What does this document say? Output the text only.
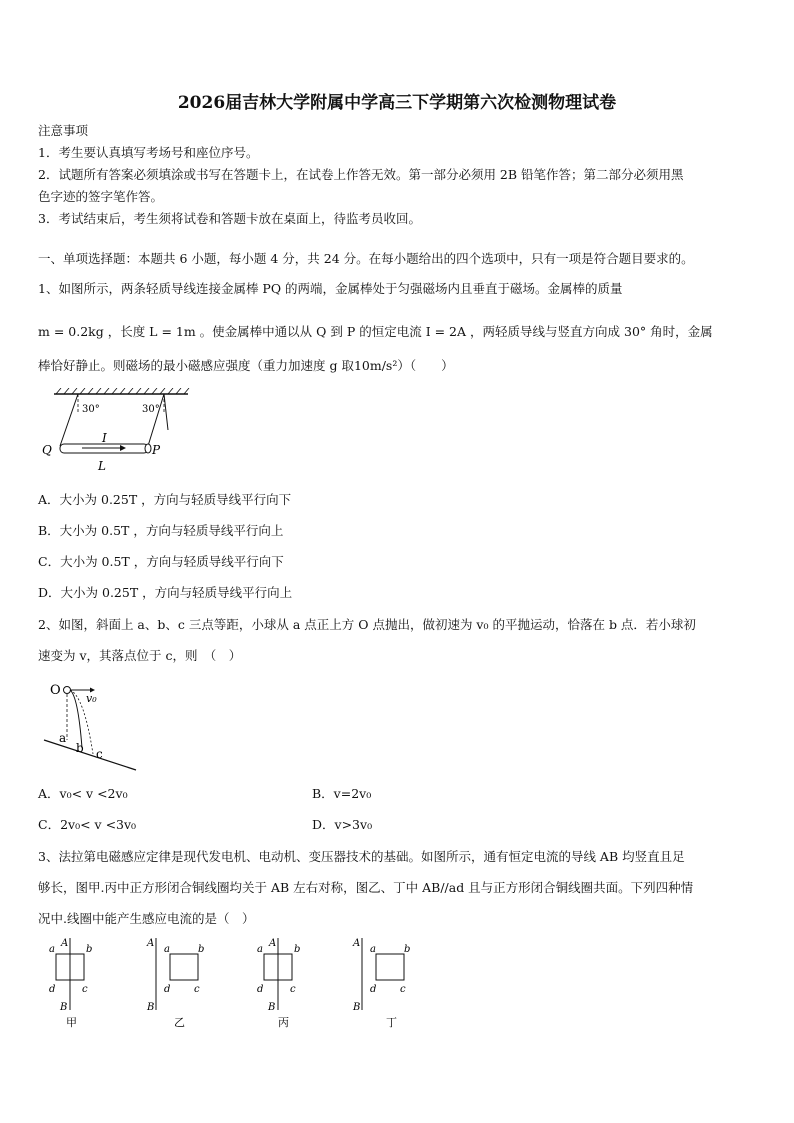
2026届吉林大学附属中学高三下学期第六次检测物理试卷
注意事项
1．考生要认真填写考场号和座位序号。
2．试题所有答案必须填涂或书写在答题卡上，在试卷上作答无效。第一部分必须用 2B 铅笔作答；第二部分必须用黑
色字迹的签字笔作答。
3．考试结束后，考生须将试卷和答题卡放在桌面上，待监考员收回。
一、单项选择题：本题共 6 小题，每小题 4 分，共 24 分。在每小题给出的四个选项中，只有一项是符合题目要求的。
1、如图所示，两条轻质导线连接金属棒 PQ 的两端，金属棒处于匀强磁场内且垂直于磁场。金属棒的质量
m = 0.2kg ，长度 L = 1m 。使金属棒中通以从 Q 到 P 的恒定电流 I = 2A ，两轻质导线与竖直方向成 30° 角时，金属
棒恰好静止。则磁场的最小磁感应强度（重力加速度 g 取10m/s²）（　　）
30°	30°
Q	P
I
L
A．大小为 0.25T ，方向与轻质导线平行向下
B．大小为 0.5T ，方向与轻质导线平行向上
C．大小为 0.5T ，方向与轻质导线平行向下
D．大小为 0.25T ，方向与轻质导线平行向上
2、如图，斜面上 a、b、c 三点等距，小球从 a 点正上方 O 点抛出，做初速为 v₀ 的平抛运动，恰落在 b 点．若小球初
速变为 v，其落点位于 c，则　（　）
O
v₀
a
b c
A．v₀< v <2v₀	B．v=2v₀
C．2v₀< v <3v₀	D．v>3v₀
3、法拉第电磁感应定律是现代发电机、电动机、变压器技术的基础。如图所示，通有恒定电流的导线 AB 均竖直且足
够长，图甲.丙中正方形闭合铜线圈均关于 AB 左右对称，图乙、丁中 AB//ad 且与正方形闭合铜线圈共面。下列四种情
况中.线圈中能产生感应电流的是（　）
A
a	b
d	c
B
甲
A
a	b
d c
B
乙
A
a	b
d	c
B
丙
A
a	b
d c
B
丁
